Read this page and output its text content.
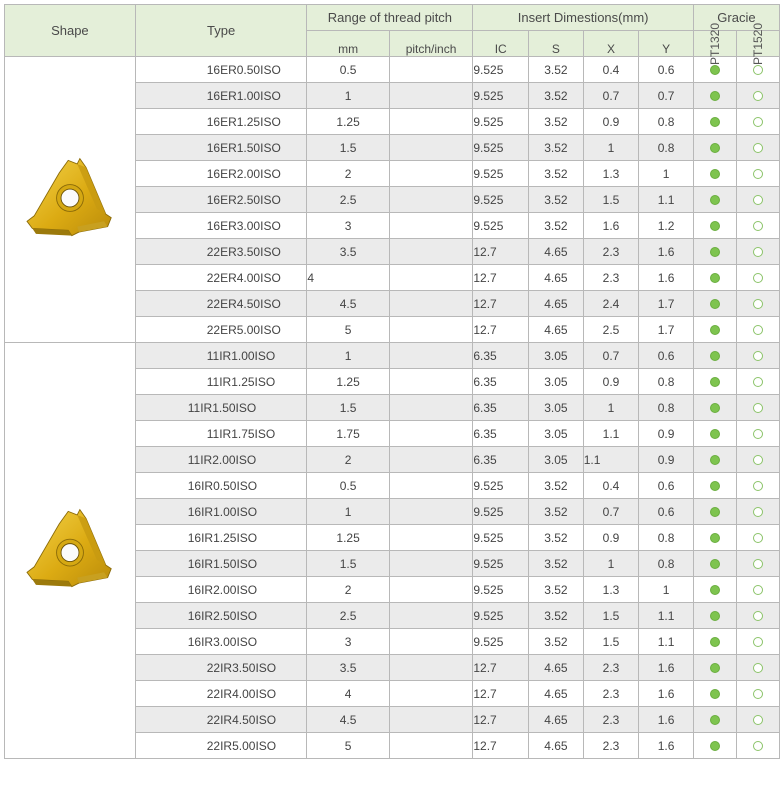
Shape	Type	Range of thread pitch		Insert Dimestions(mm)				Gracie	
		mm	pitch/inch	IC	S	X	Y	PT1320	PT1520
	16ER0.50ISO	0.5		9.525	3.52	0.4	0.6		
	16ER1.00ISO	1		9.525	3.52	0.7	0.7		
	16ER1.25ISO	1.25		9.525	3.52	0.9	0.8		
	16ER1.50ISO	1.5		9.525	3.52	1	0.8		
	16ER2.00ISO	2		9.525	3.52	1.3	1		
	16ER2.50ISO	2.5		9.525	3.52	1.5	1.1		
	16ER3.00ISO	3		9.525	3.52	1.6	1.2		
	22ER3.50ISO	3.5		12.7	4.65	2.3	1.6		
	22ER4.00ISO	4		12.7	4.65	2.3	1.6		
	22ER4.50ISO	4.5		12.7	4.65	2.4	1.7		
	22ER5.00ISO	5		12.7	4.65	2.5	1.7		
	11IR1.00ISO	1		6.35	3.05	0.7	0.6		
	11IR1.25ISO	1.25		6.35	3.05	0.9	0.8		
	11IR1.50ISO	1.5		6.35	3.05	1	0.8		
	11IR1.75ISO	1.75		6.35	3.05	1.1	0.9		
	11IR2.00ISO	2		6.35	3.05	1.1	0.9		
	16IR0.50ISO	0.5		9.525	3.52	0.4	0.6		
	16IR1.00ISO	1		9.525	3.52	0.7	0.6		
	16IR1.25ISO	1.25		9.525	3.52	0.9	0.8		
	16IR1.50ISO	1.5		9.525	3.52	1	0.8		
	16IR2.00ISO	2		9.525	3.52	1.3	1		
	16IR2.50ISO	2.5		9.525	3.52	1.5	1.1		
	16IR3.00ISO	3		9.525	3.52	1.5	1.1		
	22IR3.50ISO	3.5		12.7	4.65	2.3	1.6		
	22IR4.00ISO	4		12.7	4.65	2.3	1.6		
	22IR4.50ISO	4.5		12.7	4.65	2.3	1.6		
	22IR5.00ISO	5		12.7	4.65	2.3	1.6		
